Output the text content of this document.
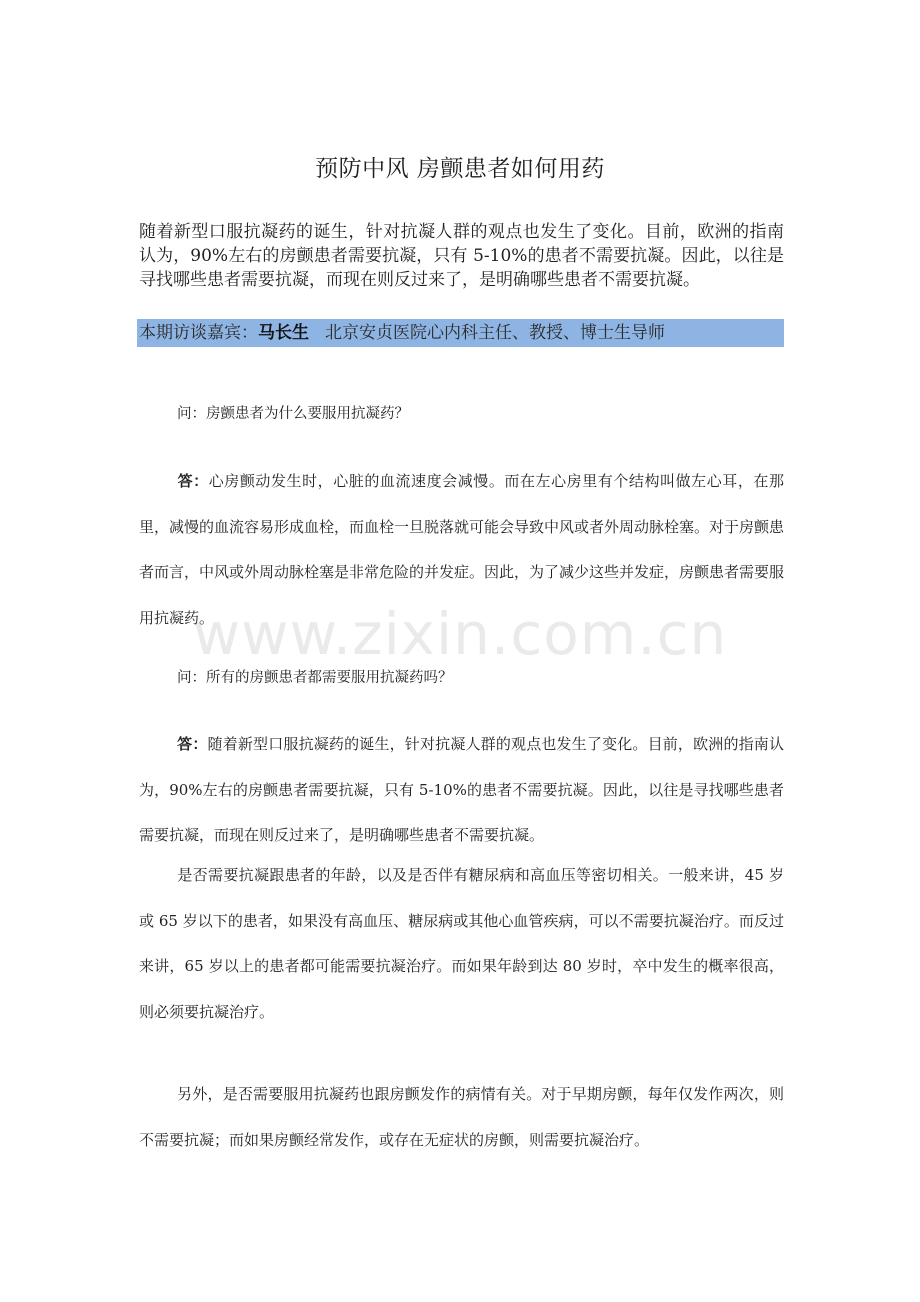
预防中风 房颤患者如何用药
随着新型口服抗凝药的诞生，针对抗凝人群的观点也发生了变化。目前，欧洲的指南认为，90%左右的房颤患者需要抗凝，只有 5-10%的患者不需要抗凝。因此，以往是寻找哪些患者需要抗凝，而现在则反过来了，是明确哪些患者不需要抗凝。
本期访谈嘉宾：马长生 北京安贞医院心内科主任、教授、博士生导师
问：房颤患者为什么要服用抗凝药？
答：心房颤动发生时，心脏的血流速度会减慢。而在左心房里有个结构叫做左心耳，在那里，减慢的血流容易形成血栓，而血栓一旦脱落就可能会导致中风或者外周动脉栓塞。对于房颤患者而言，中风或外周动脉栓塞是非常危险的并发症。因此，为了减少这些并发症，房颤患者需要服用抗凝药。
问：所有的房颤患者都需要服用抗凝药吗？
答：随着新型口服抗凝药的诞生，针对抗凝人群的观点也发生了变化。目前，欧洲的指南认为，90%左右的房颤患者需要抗凝，只有 5-10%的患者不需要抗凝。因此，以往是寻找哪些患者需要抗凝，而现在则反过来了，是明确哪些患者不需要抗凝。
是否需要抗凝跟患者的年龄，以及是否伴有糖尿病和高血压等密切相关。一般来讲，45 岁或 65 岁以下的患者，如果没有高血压、糖尿病或其他心血管疾病，可以不需要抗凝治疗。而反过来讲，65 岁以上的患者都可能需要抗凝治疗。而如果年龄到达 80 岁时，卒中发生的概率很高，则必须要抗凝治疗。
另外，是否需要服用抗凝药也跟房颤发作的病情有关。对于早期房颤，每年仅发作两次，则不需要抗凝；而如果房颤经常发作，或存在无症状的房颤，则需要抗凝治疗。
www.zixin.com.cn
